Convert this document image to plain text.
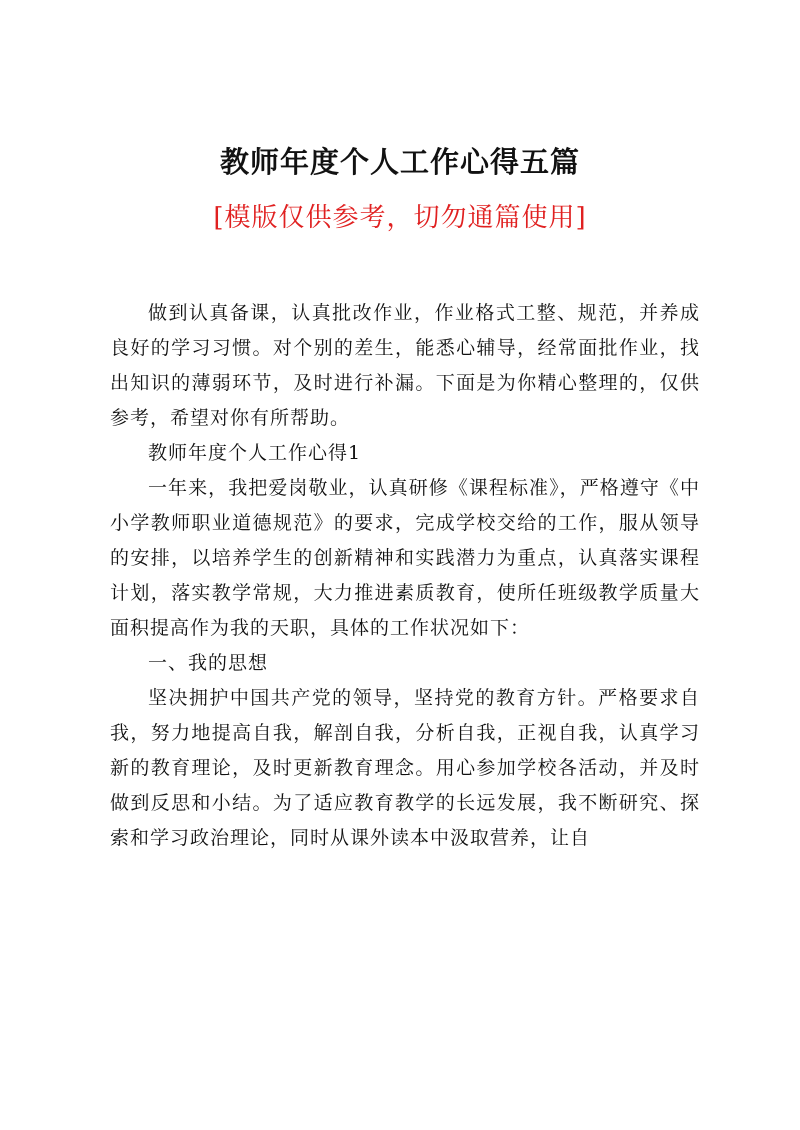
教师年度个人工作心得五篇
[模版仅供参考，切勿通篇使用]

做到认真备课，认真批改作业，作业格式工整、规范，并养成良好的学习习惯。对个别的差生，能悉心辅导，经常面批作业，找出知识的薄弱环节，及时进行补漏。下面是为你精心整理的，仅供参考，希望对你有所帮助。

教师年度个人工作心得1

一年来，我把爱岗敬业，认真研修《课程标准》，严格遵守《中小学教师职业道德规范》的要求，完成学校交给的工作，服从领导的安排，以培养学生的创新精神和实践潜力为重点，认真落实课程计划，落实教学常规，大力推进素质教育，使所任班级教学质量大面积提高作为我的天职，具体的工作状况如下：

一、我的思想

坚决拥护中国共产党的领导，坚持党的教育方针。严格要求自我，努力地提高自我，解剖自我，分析自我，正视自我，认真学习新的教育理论，及时更新教育理念。用心参加学校各活动，并及时做到反思和小结。为了适应教育教学的长远发展，我不断研究、探索和学习政治理论，同时从课外读本中汲取营养，让自
